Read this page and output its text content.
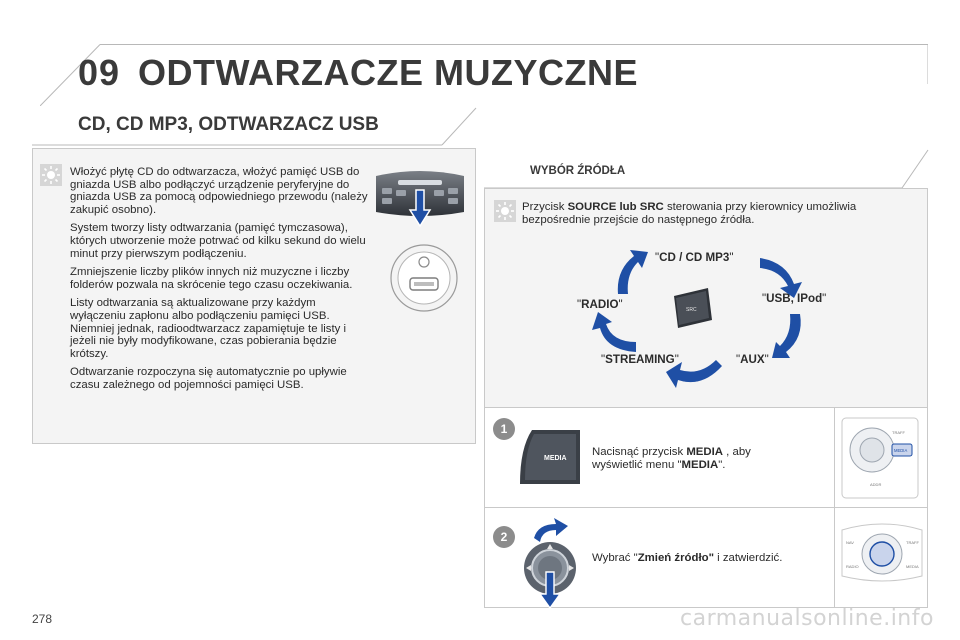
09 ODTWARZACZE MUZYCZNE
CD, CD MP3, ODTWARZACZ USB

Włożyć płytę CD do odtwarzacza, włożyć pamięć USB do gniazda USB albo podłączyć urządzenie peryferyjne do gniazda USB za pomocą odpowiedniego przewodu (należy zakupić osobno).

System tworzy listy odtwarzania (pamięć tymczasowa), których utworzenie może potrwać od kilku sekund do wielu minut przy pierwszym podłączeniu.

Zmniejszenie liczby plików innych niż muzyczne i liczby folderów pozwala na skrócenie tego czasu oczekiwania.

Listy odtwarzania są aktualizowane przy każdym wyłączeniu zapłonu albo podłączeniu pamięci USB. Niemniej jednak, radioodtwarzacz zapamiętuje te listy i jeżeli nie były modyfikowane, czas pobierania będzie krótszy.

Odtwarzanie rozpoczyna się automatycznie po upływie czasu zależnego od pojemności pamięci USB.

WYBÓR ŹRÓDŁA
Przycisk SOURCE lub SRC sterowania przy kierownicy umożliwia bezpośrednie przejście do następnego źródła.
"CD / CD MP3"
"USB, IPod"
"AUX"
"STREAMING"
"RADIO"	SRC
1
MEDIA
Nacisnąć przycisk MEDIA , aby wyświetlić menu "MEDIA".
MEDIA
TRAFF
ADDR
2
Wybrać "Zmień źródło" i zatwierdzić.
NAV	TRAFF
RADIO	MEDIA
278	carmanualsonline.info
